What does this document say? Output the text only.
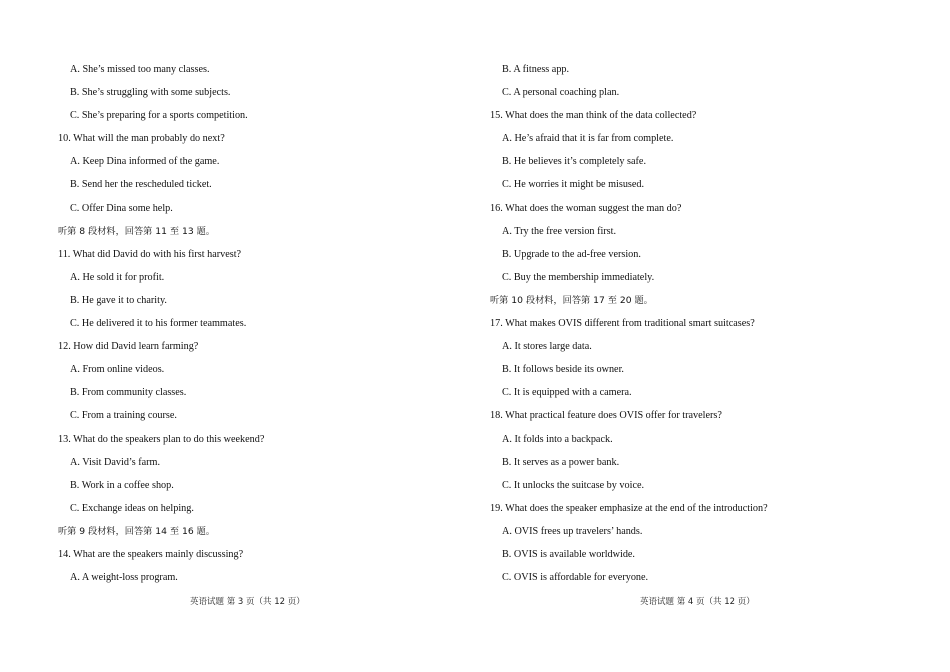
A. She’s missed too many classes.
B. She’s struggling with some subjects.
C. She’s preparing for a sports competition.
10. What will the man probably do next?
A. Keep Dina informed of the game.
B. Send her the rescheduled ticket.
C. Offer Dina some help.
听第 8 段材料，回答第 11 至 13 题。
11. What did David do with his first harvest?
A. He sold it for profit.
B. He gave it to charity.
C. He delivered it to his former teammates.
12. How did David learn farming?
A. From online videos.
B. From community classes.
C. From a training course.
13. What do the speakers plan to do this weekend?
A. Visit David’s farm.
B. Work in a coffee shop.
C. Exchange ideas on helping.
听第 9 段材料，回答第 14 至 16 题。
14. What are the speakers mainly discussing?
A. A weight-loss program.
B. A fitness app.
C. A personal coaching plan.
15. What does the man think of the data collected?
A. He’s afraid that it is far from complete.
B. He believes it’s completely safe.
C. He worries it might be misused.
16. What does the woman suggest the man do?
A. Try the free version first.
B. Upgrade to the ad-free version.
C. Buy the membership immediately.
听第 10 段材料，回答第 17 至 20 题。
17. What makes OVIS different from traditional smart suitcases?
A. It stores large data.
B. It follows beside its owner.
C. It is equipped with a camera.
18. What practical feature does OVIS offer for travelers?
A. It folds into a backpack.
B. It serves as a power bank.
C. It unlocks the suitcase by voice.
19. What does the speaker emphasize at the end of the introduction?
A. OVIS frees up travelers’ hands.
B. OVIS is available worldwide.
C. OVIS is affordable for everyone.
英语试题 第 3 页（共 12 页）	英语试题 第 4 页（共 12 页）
